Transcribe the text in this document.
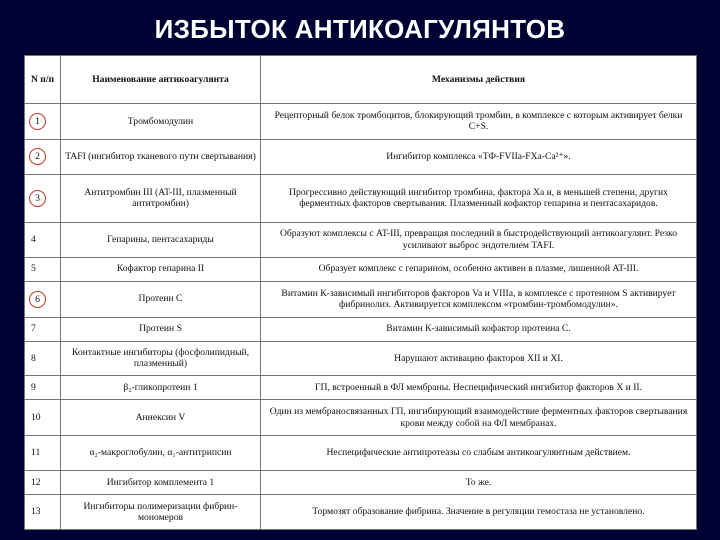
ИЗБЫТОК АНТИКОАГУЛЯНТОВ
N п/п	Наименование антикоагулянта	Механизмы действия
1	Тромбомодулин	Рецепторный белок тромбоцитов, блокирующий тромбин, в комплексе с которым активирует белки С+S.
2	TAFI (ингибитор тканевого пути свертывания)	Ингибитор комплекса «ТФ-FVIIa-FXa-Ca²⁺».
3	Антитромбин III (AT-III, плазменный антитромбин)	Прогрессивно действующий ингибитор тромбина, фактора Xa и, в меньшей степени, других ферментных факторов свертывания. Плазменный кофактор гепарина и пентасахаридов.
4	Гепарины, пентасахариды	Образуют комплексы с AT-III, превращая последний в быстродействующий антикоагулянт. Резко усиливают выброс эндотелием TAFI.
5	Кофактор гепарина II	Образует комплекс с гепарином, особенно активен в плазме, лишенной AT-III.
6	Протеин С	Витамин К-зависимый ингибиторов факторов Va и VIIIa, в комплексе с протеином S активирует фибринолиз. Активируется комплексом «тромбин-тромбомодулин».
7	Протеин S	Витамин К-зависимый кофактор протеина С.
8	Контактные ингибиторы (фосфолипидный, плазменный)	Нарушают активацию факторов XII и XI.
9	β₂-гликопротеин 1	ГП, встроенный в ФЛ мембраны. Неспецифический ингибитор факторов Х и II.
10	Аннексин V	Один из мембраносвязанных ГП, ингибирующий взаимодействие ферментных факторов свертывания крови между собой на ФЛ мембранах.
11	α₂-макроглобулин, α₁-антитрипсин	Неспецифические антипротеазы со слабым антикоагулянтным действием.
12	Ингибитор комплемента 1	То же.
13	Ингибиторы полимеризации фибрин-мономеров	Тормозят образование фибрина. Значение в регуляции гемостаза не установлено.
